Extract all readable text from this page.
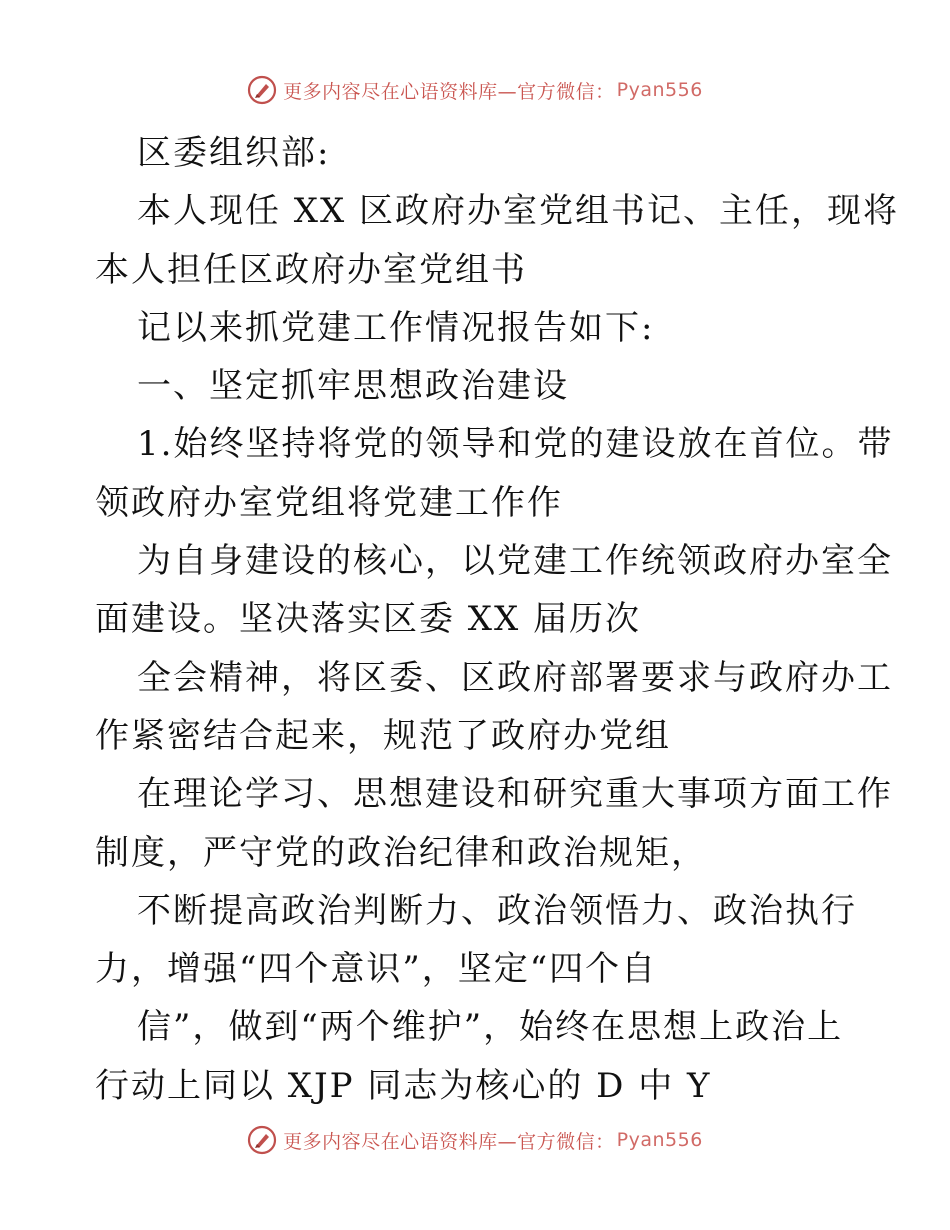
更多内容尽在心语资料库—官方微信： Pyan556
区委组织部:
本人现任 XX 区政府办室党组书记、主任，现将
本人担任区政府办室党组书
记以来抓党建工作情况报告如下:
一、坚定抓牢思想政治建设
1.始终坚持将党的领导和党的建设放在首位。带
领政府办室党组将党建工作作
为自身建设的核心，以党建工作统领政府办室全
面建设。坚决落实区委 XX 届历次
全会精神，将区委、区政府部署要求与政府办工
作紧密结合起来，规范了政府办党组
在理论学习、思想建设和研究重大事项方面工作
制度，严守党的政治纪律和政治规矩，
不断提高政治判断力、政治领悟力、政治执行
力，增强“四个意识”，坚定“四个自
信”，做到“两个维护”，始终在思想上政治上
行动上同以 XJP 同志为核心的 D 中 Y
更多内容尽在心语资料库—官方微信： Pyan556
